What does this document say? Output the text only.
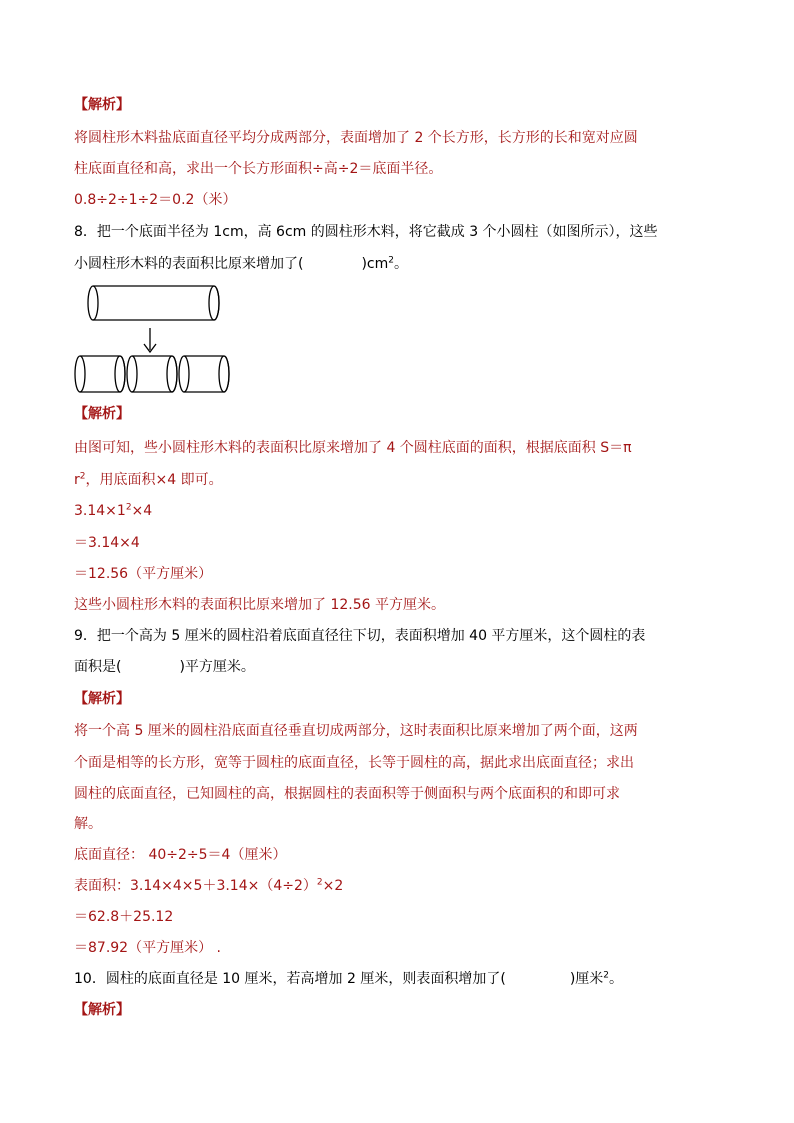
【解析】
将圆柱形木料盐底面直径平均分成两部分，表面增加了 2 个长方形，长方形的长和宽对应圆
柱底面直径和高，求出一个长方形面积÷高÷2＝底面半径。
0.8÷2÷1÷2＝0.2（米）
8．把一个底面半径为 1cm，高 6cm 的圆柱形木料，将它截成 3 个小圆柱（如图所示），这些
小圆柱形木料的表面积比原来增加了(	)$cm^2$。
【解析】
由图可知，些小圆柱形木料的表面积比原来增加了 4 个圆柱底面的面积，根据底面积 S＝π
$r^2$，用底面积×4 即可。
$3.14\times 1^2\times 4$
＝3.14×4
＝12.56（平方厘米）
这些小圆柱形木料的表面积比原来增加了 12.56 平方厘米。
9．把一个高为 5 厘米的圆柱沿着底面直径往下切，表面积增加 40 平方厘米，这个圆柱的表
面积是(	)平方厘米。
【解析】
将一个高 5 厘米的圆柱沿底面直径垂直切成两部分，这时表面积比原来增加了两个面，这两
个面是相等的长方形，宽等于圆柱的底面直径，长等于圆柱的高，据此求出底面直径；求出
圆柱的底面直径，已知圆柱的高，根据圆柱的表面积等于侧面积与两个底面积的和即可求
解。
底面直径： 40÷2÷5＝4（厘米）
表面积：$3.14\times 4\times 5+3.14\times(4\div 2)^2\times 2$
＝62.8＋25.12
＝87.92（平方厘米） .
10．圆柱的底面直径是 10 厘米，若高增加 2 厘米，则表面积增加了(	)厘米$^2$。
【解析】
